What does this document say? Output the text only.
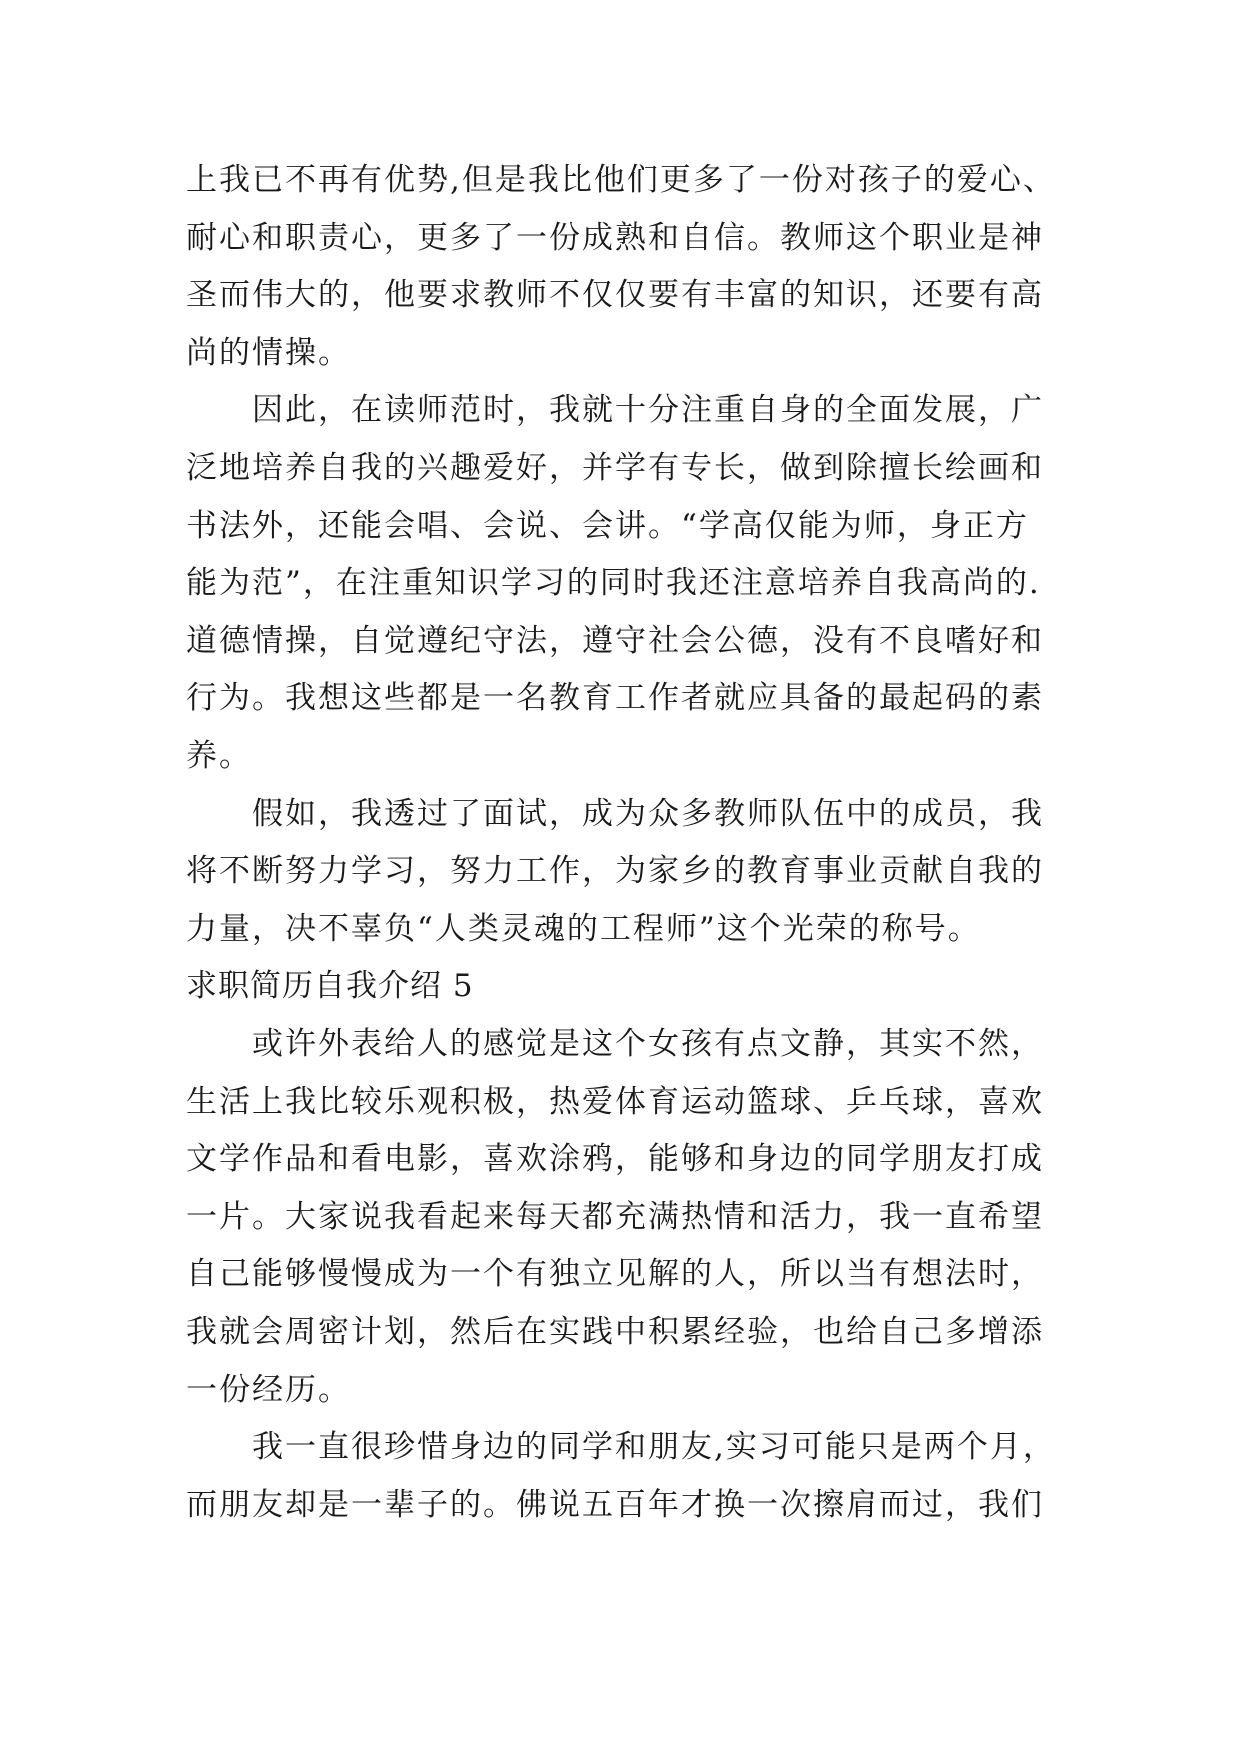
上我已不再有优势,但是我比他们更多了一份对孩子的爱心、
耐心和职责心，更多了一份成熟和自信。教师这个职业是神
圣而伟大的，他要求教师不仅仅要有丰富的知识，还要有高
尚的情操。
因此，在读师范时，我就十分注重自身的全面发展，广
泛地培养自我的兴趣爱好，并学有专长，做到除擅长绘画和
书法外，还能会唱、会说、会讲。“学高仅能为师，身正方
能为范”，在注重知识学习的同时我还注意培养自我高尚的.
道德情操，自觉遵纪守法，遵守社会公德，没有不良嗜好和
行为。我想这些都是一名教育工作者就应具备的最起码的素
养。
假如，我透过了面试，成为众多教师队伍中的成员，我
将不断努力学习，努力工作，为家乡的教育事业贡献自我的
力量，决不辜负“人类灵魂的工程师”这个光荣的称号。
求职简历自我介绍 5
或许外表给人的感觉是这个女孩有点文静，其实不然，
生活上我比较乐观积极，热爱体育运动篮球、乒乓球，喜欢
文学作品和看电影，喜欢涂鸦，能够和身边的同学朋友打成
一片。大家说我看起来每天都充满热情和活力，我一直希望
自己能够慢慢成为一个有独立见解的人，所以当有想法时，
我就会周密计划，然后在实践中积累经验，也给自己多增添
一份经历。
我一直很珍惜身边的同学和朋友,实习可能只是两个月，
而朋友却是一辈子的。佛说五百年才换一次擦肩而过，我们
